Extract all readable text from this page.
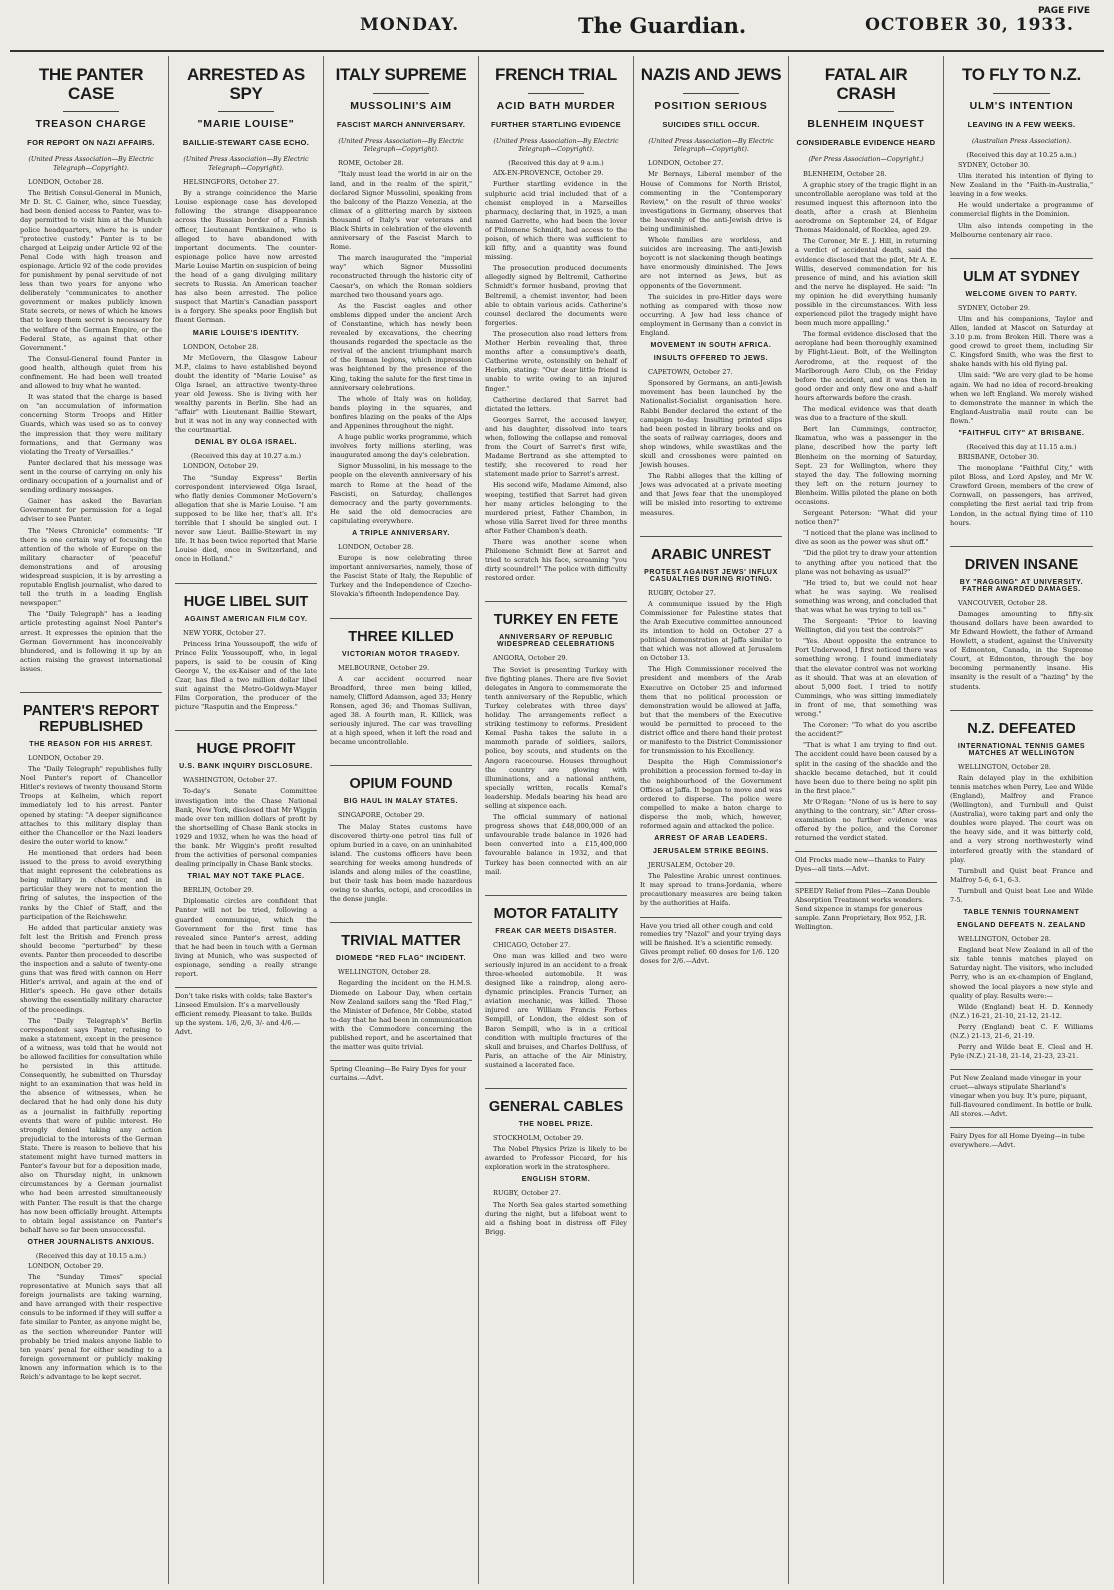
MONDAY.	The Guardian.	OCTOBER 30, 1933.
PAGE FIVE
THE PANTER CASE
TREASON CHARGE
FOR REPORT ON NAZI AFFAIRS.
(United Press Association—By Electric Telegraph—Copyright).

LONDON, October 28.

The British Consul-General in Munich, Mr D. St. C. Gainer, who, since Tuesday, had been denied access to Panter, was to-day permitted to visit him at the Munich police headquarters, where he is under "protective custody." Panter is to be charged at Leipzig under Article 92 of the Penal Code with high treason and espionage. Article 92 of the code provides for punishment by penal servitude of not less than two years for anyone who deliberately "communicates to another government or makes publicly known State secrets, or news of which he knows that to keep them secret is necessary for the welfare of the German Empire, or the Federal State, as against that other Government."

The Consul-General found Panter in good health, although quiet from his confinement. He had been well treated and allowed to buy what he wanted.

It was stated that the charge is based on "an accumulation of information concerning Storm Troops and Hitler Guards, which was used so as to convey the impression that they were military formations, and that Germany was violating the Treaty of Versailles."

Panter declared that his message was sent in the course of carrying on only his ordinary occupation of a journalist and of sending ordinary messages.

Gainer has asked the Bavarian Government for permission for a legal adviser to see Panter.

The "News Chronicle" comments: "If there is one certain way of focusing the attention of the whole of Europe on the military character of 'peaceful' demonstrations and of arousing widespread suspicion, it is by arresting a reputable English journalist, who dared to tell the truth in a leading English newspaper."

The "Daily Telegraph" has a leading article protesting against Noel Panter's arrest. It expresses the opinion that the German Government has inconceivably blundered, and is following it up by an action raising the gravest international issues.

PANTER'S REPORT REPUBLISHED
THE REASON FOR HIS ARREST.

LONDON, October 29.

The "Daily Telegraph" republishes fully Noel Panter's report of Chancellor Hitler's reviews of twenty thousand Storm Troops at Kelheim, which report immediately led to his arrest. Panter opened by stating: "A deeper significance attaches to this military display than either the Chancellor or the Nazi leaders desire the outer world to know."

He mentioned that orders had been issued to the press to avoid everything that might represent the celebrations as being military in character, and in particular they were not to mention the firing of salutes, the inspection of the ranks by the Chief of Staff, and the participation of the Reichswehr.

He added that particular anxiety was felt lest the British and French press should become "perturbed" by these events. Panter then proceeded to describe the inspection and a salute of twenty-one guns that was fired with cannon on Herr Hitler's arrival, and again at the end of Hitler's speech. He gave other details showing the essentially military character of the proceedings.

The "Daily Telegraph's" Berlin correspondent says Panter, refusing to make a statement, except in the presence of a witness, was told that he would not be allowed facilities for consultation while he persisted in this attitude. Consequently, he submitted on Thursday night to an examination that was held in the absence of witnesses, when he declared that he had only done his duty as a journalist in faithfully reporting events that were of public interest. He strongly denied taking any action prejudicial to the interests of the German State. There is reason to believe that his statement might have turned matters in Panter's favour but for a deposition made, also on Thursday night, in unknown circumstances by a German journalist who had been arrested simultaneously with Panter. The result is that the charge has now been officially brought. Attempts to obtain legal assistance on Panter's behalf have so far been unsuccessful.

OTHER JOURNALISTS ANXIOUS.
(Received this day at 10.15 a.m.)

LONDON, October 29.

The "Sunday Times" special representative at Munich says that all foreign journalists are taking warning, and have arranged with their respective consuls to be informed if they will suffer a fate similar to Panter, as anyone might be, as the section whereunder Panter will probably be tried makes anyone liable to ten years' penal for either sending to a foreign government or publicly making known any information which is to the Reich's advantage to be kept secret.

ARRESTED AS SPY
"MARIE LOUISE"
BAILLIE-STEWART CASE ECHO.
(United Press Association—By Electric Telegraph—Copyright).

HELSINGFORS, October 27.

By a strange coincidence the Marie Louise espionage case has developed following the strange disappearance across the Russian border of a Finnish officer, Lieutenant Pentikainen, who is alleged to have abandoned with important documents. The counter-espionage police have now arrested Marie Louise Martin on suspicion of being the head of a gang divulging military secrets to Russia. An American teacher has also been arrested. The police suspect that Martin's Canadian passport is a forgery. She speaks poor English but fluent German.

MARIE LOUISE'S IDENTITY.

LONDON, October 28.

Mr McGovern, the Glasgow Labour M.P., claims to have established beyond doubt the identity of "Marie Louise" as Olga Israel, an attractive twenty-three year old Jewess. She is living with her wealthy parents in Berlin. She had an "affair" with Lieutenant Baillie Stewart, but it was not in any way connected with the courtmartial.

DENIAL BY OLGA ISRAEL.
(Received this day at 10.27 a.m.)

LONDON, October 29.

The "Sunday Express" Berlin correspondent interviewed Olga Israel, who flatly denies Commoner McGovern's allegation that she is Marie Louise. "I am supposed to be like her, that's all. It's terrible that I should be singled out. I never saw Lieut. Baillie-Stewart in my life. It has been twice reported that Marie Louise died, once in Switzerland, and once in Holland."

HUGE LIBEL SUIT
AGAINST AMERICAN FILM COY.

NEW YORK, October 27.

Princess Irina Youssoupoff, the wife of Prince Felix Youssoupoff, who, in legal papers, is said to be cousin of King George V., the ex-Kaiser and of the late Czar, has filed a two million dollar libel suit against the Metro-Goldwyn-Mayer Film Corporation, the producer of the picture "Rasputin and the Empress."

HUGE PROFIT
U.S. BANK INQUIRY DISCLOSURE.

WASHINGTON, October 27.

To-day's Senate Committee investigation into the Chase National Bank, New York, disclosed that Mr Wiggin made over ten million dollars of profit by the shortselling of Chase Bank stocks in 1929 and 1932, when he was the head of the bank. Mr Wiggin's profit resulted from the activities of personal companies dealing principally in Chase Bank stocks.

TRIAL MAY NOT TAKE PLACE.

BERLIN, October 29.

Diplomatic circles are confident that Panter will not be tried, following a guarded communique, which the Government for the first time has revealed since Panter's arrest, adding that he had been in touch with a German living at Munich, who was suspected of espionage, sending a really strange report.

Don't take risks with colds; take Baxter's Linseed Emulsion. It's a marvellously efficient remedy. Pleasant to take. Builds up the system. 1/6, 2/6, 3/- and 4/6.—Advt.
ITALY SUPREME
MUSSOLINI'S AIM
FASCIST MARCH ANNIVERSARY.
(United Press Association—By Electric Telegraph—Copyright).

ROME, October 28.

"Italy must lead the world in air on the land, and in the realm of the spirit," declared Signor Mussolini, speaking from the balcony of the Piazzo Venezia, at the climax of a glittering march by sixteen thousand of Italy's war veterans and Black Shirts in celebration of the eleventh anniversary of the Fascist March to Rome.

The march inaugurated the "imperial way" which Signor Mussolini reconstructed through the historic city of Caesar's, on which the Roman soldiers marched two thousand years ago.

As the Fascist eagles and other emblems dipped under the ancient Arch of Constantine, which has newly been revealed by excavations, the cheering thousands regarded the spectacle as the revival of the ancient triumphant march of the Roman legions, which impression was heightened by the presence of the King, taking the salute for the first time in anniversary celebrations.

The whole of Italy was on holiday, bands playing in the squares, and bonfires blazing on the peaks of the Alps and Appenines throughout the night.

A huge public works programme, which involves forty millions sterling, was inaugurated among the day's celebration.

Signor Mussolini, in his message to the people on the eleventh anniversary of his march to Rome at the head of the Fascisti, on Saturday, challenges democracy and the party governments. He said the old democracies are capitulating everywhere.

A TRIPLE ANNIVERSARY.

LONDON, October 28.

Europe is now celebrating three important anniversaries, namely, those of the Fascist State of Italy, the Republic of Turkey and the Independence of Czecho-Slovakia's fifteenth Independence Day.

THREE KILLED
VICTORIAN MOTOR TRAGEDY.

MELBOURNE, October 29.

A car accident occurred near Broadford, three men being killed, namely, Clifford Adamson, aged 33; Henry Ronsen, aged 36; and Thomas Sullivan, aged 38. A fourth man, R. Killick, was seriously injured. The car was travelling at a high speed, when it left the road and became uncontrollable.

OPIUM FOUND
BIG HAUL IN MALAY STATES.

SINGAPORE, October 29.

The Malay States customs have discovered thirty-one petrol tins full of opium buried in a cave, on an uninhabited island. The customs officers have been searching for weeks among hundreds of islands and along miles of the coastline, but their task has been made hazardous owing to sharks, octopi, and crocodiles in the dense jungle.

TRIVIAL MATTER
DIOMEDE "RED FLAG" INCIDENT.

WELLINGTON, October 28.

Regarding the incident on the H.M.S. Diomede on Labour Day, when certain New Zealand sailors sang the "Red Flag," the Minister of Defence, Mr Cobbe, stated to-day that he had been in communication with the Commodore concerning the published report, and he ascertained that the matter was quite trivial.

Spring Cleaning—Be Fairy Dyes for your curtains.—Advt.
FRENCH TRIAL
ACID BATH MURDER
FURTHER STARTLING EVIDENCE
(United Press Association—By Electric Telegraph—Copyright).
(Received this day at 9 a.m.)

AIX-EN-PROVENCE, October 29.

Further startling evidence in the sulphuric acid trial included that of a chemist employed in a Marseilles pharmacy, declaring that, in 1925, a man named Garrette, who had been the lover of Philomene Schmidt, had access to the poison, of which there was sufficient to kill fifty, and a quantity was found missing.

The prosecution produced documents allegedly signed by Beltremil, Catherine Schmidt's former husband, proving that Beltremil, a chemist inventor, had been able to obtain various acids. Catherine's counsel declared the documents were forgeries.

The prosecution also read letters from Mother Herbin revealing that, three months after a consumptive's death, Catherine wrote, ostensibly on behalf of Herbin, stating: "Our dear little friend is unable to write owing to an injured finger."

Catherine declared that Sarret had dictated the letters.

Georges Sarret, the accused lawyer, and his daughter, dissolved into tears when, following the collapse and removal from the Court of Sarret's first wife, Madame Bertrand as she attempted to testify, she recovered to read her statement made prior to Sarret's arrest.

His second wife, Madame Aimond, also weeping, testified that Sarret had given her many articles belonging to the murdered priest, Father Chambon, in whose villa Sarret lived for three months after Father Chambon's death.

There was another scene when Philomene Schmidt flew at Sarret and tried to scratch his face, screaming "you dirty scoundrel!" The police with difficulty restored order.

TURKEY EN FETE
ANNIVERSARY OF REPUBLIC WIDESPREAD CELEBRATIONS

ANGORA, October 29.

The Soviet is presenting Turkey with five fighting planes. There are five Soviet delegates in Angora to commemorate the tenth anniversary of the Republic, which Turkey celebrates with three days' holiday. The arrangements reflect a striking testimony to reforms. President Kemal Pasha takes the salute in a mammoth parade of soldiers, sailors, police, boy scouts, and students on the Angora racecourse. Houses throughout the country are glowing with illuminations, and a national anthem, specially written, recalls Kemal's leadership. Medals bearing his head are selling at sixpence each.

The official summary of national progress shows that £48,000,000 of an unfavourable trade balance in 1926 had been converted into a £15,400,000 favourable balance in 1932, and that Turkey has been connected with an air mail.

MOTOR FATALITY
FREAK CAR MEETS DISASTER.

CHICAGO, October 27.

One man was killed and two were seriously injured in an accident to a freak three-wheeled automobile. It was designed like a raindrop, along aero-dynamic principles. Francis Turner, an aviation mechanic, was killed. Those injured are William Francis Forbes Sempill, of London, the eldest son of Baron Sempill, who is in a critical condition with multiple fractures of the skull and bruises, and Charles Dollfuss, of Paris, an attache of the Air Ministry, sustained a lacerated face.

GENERAL CABLES
THE NOBEL PRIZE.

STOCKHOLM, October 29.

The Nobel Physics Prize is likely to be awarded to Professor Piccard, for his exploration work in the stratosphere.

ENGLISH STORM.

RUGBY, October 27.

The North Sea gales started something during the night, but a lifeboat went to aid a fishing boat in distress off Filey Brigg.

NAZIS AND JEWS
POSITION SERIOUS
SUICIDES STILL OCCUR.
(United Press Association—By Electric Telegraph—Copyright).

LONDON, October 27.

Mr Bernays, Liberal member of the House of Commons for North Bristol, commenting in the "Contemporary Review," on the result of three weeks' investigations in Germany, observes that the heavenly of the anti-Jewish drive is being undiminished.

Whole families are workless, and suicides are increasing. The anti-Jewish boycott is not slackening though beatings have enormously diminished. The Jews are not interned as Jews, but as opponents of the Government.

The suicides in pre-Hitler days were nothing as compared with those now occurring. A Jew had less chance of employment in Germany than a convict in England.

MOVEMENT IN SOUTH AFRICA.
INSULTS OFFERED TO JEWS.

CAPETOWN, October 27.

Sponsored by Germans, an anti-Jewish movement has been launched by the Nationalist-Socialist organisation here. Rabbi Bender declared the extent of the campaign to-day. Insulting printed slips had been posted in library books and on the seats of railway carriages, doors and shop windows, while swastikas and the skull and crossbones were painted on Jewish houses.

The Rabbi alleges that the killing of Jews was advocated at a private meeting and that Jews fear that the unemployed will be misled into resorting to extreme measures.

ARABIC UNREST
PROTEST AGAINST JEWS' INFLUX CASUALTIES DURING RIOTING.

RUGBY, October 27.

A communique issued by the High Commissioner for Palestine states that the Arab Executive committee announced its intention to hold on October 27 a political demonstration at Jaffa similar to that which was not allowed at Jerusalem on October 13.

The High Commissioner received the president and members of the Arab Executive on October 25 and informed them that no political procession or demonstration would be allowed at Jaffa, but that the members of the Executive would be permitted to proceed to the district office and there hand their protest or manifesto to the District Commissioner for transmission to his Excellency.

Despite the High Commissioner's prohibition a procession formed to-day in the neighbourhood of the Government Offices at Jaffa. It began to move and was ordered to disperse. The police were compelled to make a baton charge to disperse the mob, which, however, reformed again and attacked the police.

ARREST OF ARAB LEADERS.
JERUSALEM STRIKE BEGINS.

JERUSALEM, October 29.

The Palestine Arabic unrest continues. It may spread to trans-Jordania, where precautionary measures are being taken by the authorities at Haifa.

Have you tried all other cough and cold remedies try "Nazol" and your trying days will be finished. It's a scientific remedy. Gives prompt relief. 60 doses for 1/6. 120 doses for 2/6.—Advt.
FATAL AIR CRASH
BLENHEIM INQUEST
CONSIDERABLE EVIDENCE HEARD
(Per Press Association—Copyright.)

BLENHEIM, October 28.

A graphic story of the tragic flight in an uncontrollable aeroplane was told at the resumed inquest this afternoon into the death, after a crash at Blenheim aerodrome on September 24, of Edgar Thomas Maidonald, of Rocklea, aged 29.

The Coroner, Mr E. J. Hill, in returning a verdict of accidental death, said the evidence disclosed that the pilot, Mr A. E. Willis, deserved commendation for his presence of mind, and his aviation skill and the nerve he displayed. He said: "In my opinion he did everything humanly possible in the circumstances. With less experienced pilot the tragedy might have been much more appalling."

The formal evidence disclosed that the aeroplane had been thoroughly examined by Flight-Lieut. Bolt, of the Wellington Aerodrome, at the request of the Marlborough Aero Club, on the Friday before the accident, and it was then in good order and only flew one and a-half hours afterwards before the crash.

The medical evidence was that death was due to a fracture of the skull.

Bert Ian Cummings, contractor, Ikamatua, who was a passenger in the plane, described how the party left Blenheim on the morning of Saturday, Sept. 23 for Wellington, where they stayed the day. The following morning they left on the return journey to Blenheim. Willis piloted the plane on both occasions.

Sergeant Peterson: "What did your notice then?"

"I noticed that the plane was inclined to dive as soon as the power was shut off."

"Did the pilot try to draw your attention to anything after you noticed that the plane was not behaving as usual?"

"He tried to, but we could not hear what he was saying. We realised something was wrong, and concluded that that was what he was trying to tell us."

The Sergeant: "Prior to leaving Wellington, did you test the controls?"

"Yes. About opposite the entrance to Port Underwood, I first noticed there was something wrong. I found immediately that the elevator control was not working as it should. That was at an elevation of about 5,000 feet. I tried to notify Cummings, who was sitting immediately in front of me, that something was wrong."

The Coroner: "To what do you ascribe the accident?"

"That is what I am trying to find out. The accident could have been caused by a split in the casing of the shackle and the shackle became detached, but it could have been due to there being no split pin in the first place."

Mr O'Regan: "None of us is here to say anything to the contrary, sir." After cross-examination no further evidence was offered by the police, and the Coroner returned the verdict stated.

Old Frocks made new—thanks to Fairy Dyes—all tints.—Advt.
SPEEDY Relief from Piles—Zann Double Absorption Treatment works wonders. Send sixpence in stamps for generous sample. Zann Proprietary, Box 952, J.R. Wellington.
TO FLY TO N.Z.
ULM'S INTENTION
LEAVING IN A FEW WEEKS.
(Australian Press Association).
(Received this day at 10.25 a.m.)

SYDNEY, October 30.

Ulm iterated his intention of flying to New Zealand in the "Faith-in-Australia," leaving in a few weeks.

He would undertake a programme of commercial flights in the Dominion.

Ulm also intends competing in the Melbourne centenary air race.

ULM AT SYDNEY
WELCOME GIVEN TO PARTY.

SYDNEY, October 29.

Ulm and his companions, Taylor and Allen, landed at Mascot on Saturday at 3.10 p.m. from Broken Hill. There was a good crowd to greet them, including Sir C. Kingsford Smith, who was the first to shake hands with his old flying pal.

Ulm said: "We are very glad to be home again. We had no idea of record-breaking when we left England. We merely wished to demonstrate the manner in which the England-Australia mail route can be flown."

"FAITHFUL CITY" AT BRISBANE.
(Received this day at 11.15 a.m.)

BRISBANE, October 30.

The monoplane "Faithful City," with pilot Bloss, and Lord Apsley, and Mr W. Crawford Green, members of the crew of Cornwall, on passengers, has arrived, completing the first aerial taxi trip from London, in the actual flying time of 110 hours.

DRIVEN INSANE
BY "RAGGING" AT UNIVERSITY. FATHER AWARDED DAMAGES.

VANCOUVER, October 28.

Damages amounting to fifty-six thousand dollars have been awarded to Mr Edward Howlett, the father of Armand Howlett, a student, against the University of Edmonton, Canada, in the Supreme Court, at Edmonton, through the boy becoming permanently insane. His insanity is the result of a "hazing" by the students.

N.Z. DEFEATED
INTERNATIONAL TENNIS GAMES MATCHES AT WELLINGTON

WELLINGTON, October 28.

Rain delayed play in the exhibition tennis matches when Perry, Lee and Wilde (England), Malfroy and France (Wellington), and Turnbull and Quist (Australia), were taking part and only the doubles were played. The court was on the heavy side, and it was bitterly cold, and a very strong northwesterly wind interfered greatly with the standard of play.

Turnbull and Quist beat France and Malfroy 5-6, 6-1, 6-3.

Turnbull and Quist beat Lee and Wilde 7-5.

TABLE TENNIS TOURNAMENT
ENGLAND DEFEATS N. ZEALAND

WELLINGTON, October 28.

England beat New Zealand in all of the six table tennis matches played on Saturday night. The visitors, who included Perry, who is an ex-champion of England, showed the local players a new style and quality of play. Results were:—

Wilde (England) beat H. D. Kennedy (N.Z.) 16-21, 21-10, 21-12, 21-12.

Perry (England) beat C. F. Williams (N.Z.) 21-13, 21-6, 21-19.

Perry and Wilde beat E. Cleal and H. Pyle (N.Z.) 21-18, 21-14, 21-23, 23-21.

Put New Zealand made vinegar in your cruet—always stipulate Sharland's vinegar when you buy. It's pure, piquant, full-flavoured condiment. In bottle or bulk. All stores.—Advt.
Fairy Dyes for all Home Dyeing—in tube everywhere.—Advt.
